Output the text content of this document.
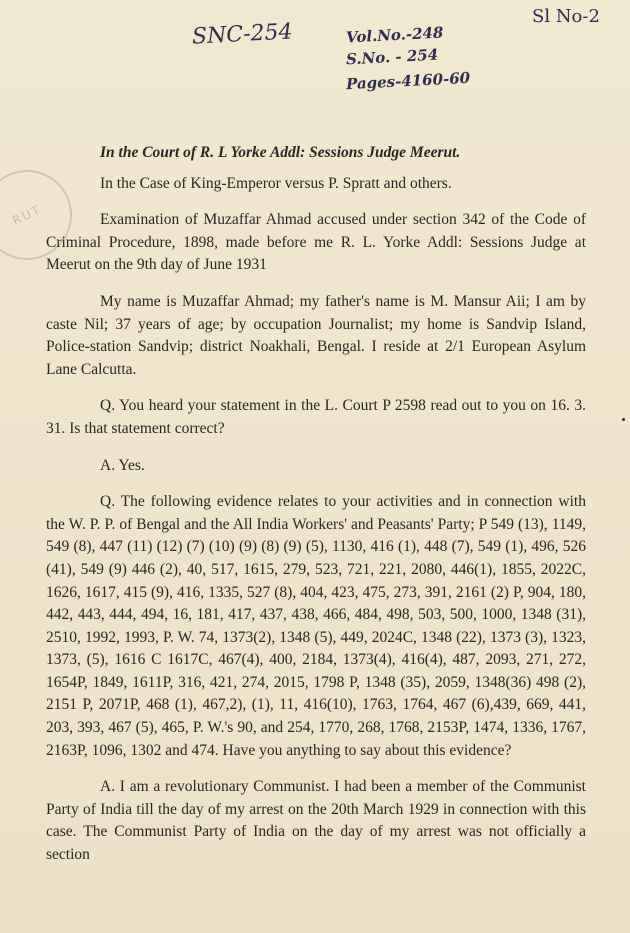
SNC-254	Vol.No.-248
S.No. - 254
Pages-4160-60
Sl No-2
RUT

In the Court of R. L Yorke Addl: Sessions Judge Meerut.

In the Case of King-Emperor versus P. Spratt and others.

Examination of Muzaffar Ahmad accused under section 342 of the Code of Criminal Procedure, 1898, made before me R. L. Yorke Addl: Sessions Judge at Meerut on the 9th day of June 1931

My name is Muzaffar Ahmad; my father's name is M. Mansur Aii; I am by caste Nil; 37 years of age; by occupation Journalist; my home is Sandvip Island, Police-station Sandvip; district Noakhali, Bengal. I reside at 2/1 European Asylum Lane Calcutta.

Q. You heard your statement in the L. Court P 2598 read out to you on 16. 3. 31. Is that statement correct?

A. Yes.

Q. The following evidence relates to your activities and in connection with the W. P. P. of Bengal and the All India Workers' and Peasants' Party; P 549 (13), 1149, 549 (8), 447 (11) (12) (7) (10) (9) (8) (9) (5), 1130, 416 (1), 448 (7), 549 (1), 496, 526 (41), 549 (9) 446 (2), 40, 517, 1615, 279, 523, 721, 221, 2080, 446(1), 1855, 2022C, 1626, 1617, 415 (9), 416, 1335, 527 (8), 404, 423, 475, 273, 391, 2161 (2) P, 904, 180, 442, 443, 444, 494, 16, 181, 417, 437, 438, 466, 484, 498, 503, 500, 1000, 1348 (31), 2510, 1992, 1993, P. W. 74, 1373(2), 1348 (5), 449, 2024C, 1348 (22), 1373 (3), 1323, 1373, (5), 1616 C 1617C, 467(4), 400, 2184, 1373(4), 416(4), 487, 2093, 271, 272, 1654P, 1849, 1611P, 316, 421, 274, 2015, 1798 P, 1348 (35), 2059, 1348(36) 498 (2), 2151 P, 2071P, 468 (1), 467,2), (1), 11, 416(10), 1763, 1764, 467 (6),439, 669, 441, 203, 393, 467 (5), 465, P. W.'s 90, and 254, 1770, 268, 1768, 2153P, 1474, 1336, 1767, 2163P, 1096, 1302 and 474. Have you anything to say about this evidence?

A. I am a revolutionary Communist. I had been a member of the Communist Party of India till the day of my arrest on the 20th March 1929 in connection with this case. The Communist Party of India on the day of my arrest was not officially a section
